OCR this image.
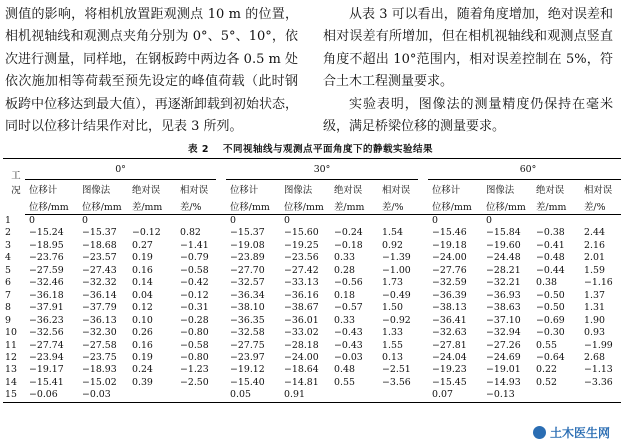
测值的影响，将相机放置距观测点 10 m 的位置，相机视轴线和观测点夹角分别为 0°、5°、10°，依次进行测量，同样地，在钢板跨中两边各 0.5 m 处依次施加相等荷载至预先设定的峰值荷载（此时钢板跨中位移达到最大值），再逐渐卸载到初始状态，同时以位移计结果作对比，见表 3 所列。

从表 3 可以看出，随着角度增加，绝对误差和相对误差有所增加，但在相机视轴线和观测点竖直角度不超出 10°范围内，相对误差控制在 5%，符合土木工程测量要求。

实验表明，图像法的测量精度仍保持在毫米级，满足桥梁位移的测量要求。

表 2 不同视轴线与观测点平面角度下的静载实验结果
工况	0°					30°					60°			
	位移计	图像法	绝对误	相对误		位移计	图像法	绝对误	相对误		位移计	图像法	绝对误	相对误
	位移/mm	位移/mm	差/mm	差/%		位移/mm	位移/mm	差/mm	差/%		位移/mm	位移/mm	差/mm	差/%
1	0	0				0	0				0	0		
2	−15.24	−15.37	−0.12	0.82		−15.37	−15.60	−0.24	1.54		−15.46	−15.84	−0.38	2.44
3	−18.95	−18.68	0.27	−1.41		−19.08	−19.25	−0.18	0.92		−19.18	−19.60	−0.41	2.16
4	−23.76	−23.57	0.19	−0.79		−23.89	−23.56	0.33	−1.39		−24.00	−24.48	−0.48	2.01
5	−27.59	−27.43	0.16	−0.58		−27.70	−27.42	0.28	−1.00		−27.76	−28.21	−0.44	1.59
6	−32.46	−32.32	0.14	−0.42		−32.57	−33.13	−0.56	1.73		−32.59	−32.21	0.38	−1.16
7	−36.18	−36.14	0.04	−0.12		−36.34	−36.16	0.18	−0.49		−36.39	−36.93	−0.50	1.37
8	−37.91	−37.79	0.12	−0.31		−38.10	−38.67	−0.57	1.50		−38.13	−38.63	−0.50	1.31
9	−36.23	−36.13	0.10	−0.28		−36.35	−36.01	0.33	−0.92		−36.41	−37.10	−0.69	1.90
10	−32.56	−32.30	0.26	−0.80		−32.58	−33.02	−0.43	1.33		−32.63	−32.94	−0.30	0.93
11	−27.74	−27.58	0.16	−0.58		−27.75	−28.18	−0.43	1.55		−27.81	−27.26	0.55	−1.99
12	−23.94	−23.75	0.19	−0.80		−23.97	−24.00	−0.03	0.13		−24.04	−24.69	−0.64	2.68
13	−19.17	−18.93	0.24	−1.23		−19.12	−18.64	0.48	−2.51		−19.23	−19.01	0.22	−1.13
14	−15.41	−15.02	0.39	−2.50		−15.40	−14.81	0.55	−3.56		−15.45	−14.93	0.52	−3.36
15	−0.06	−0.03				0.05	0.91				0.07	−0.13		
土木医生网
